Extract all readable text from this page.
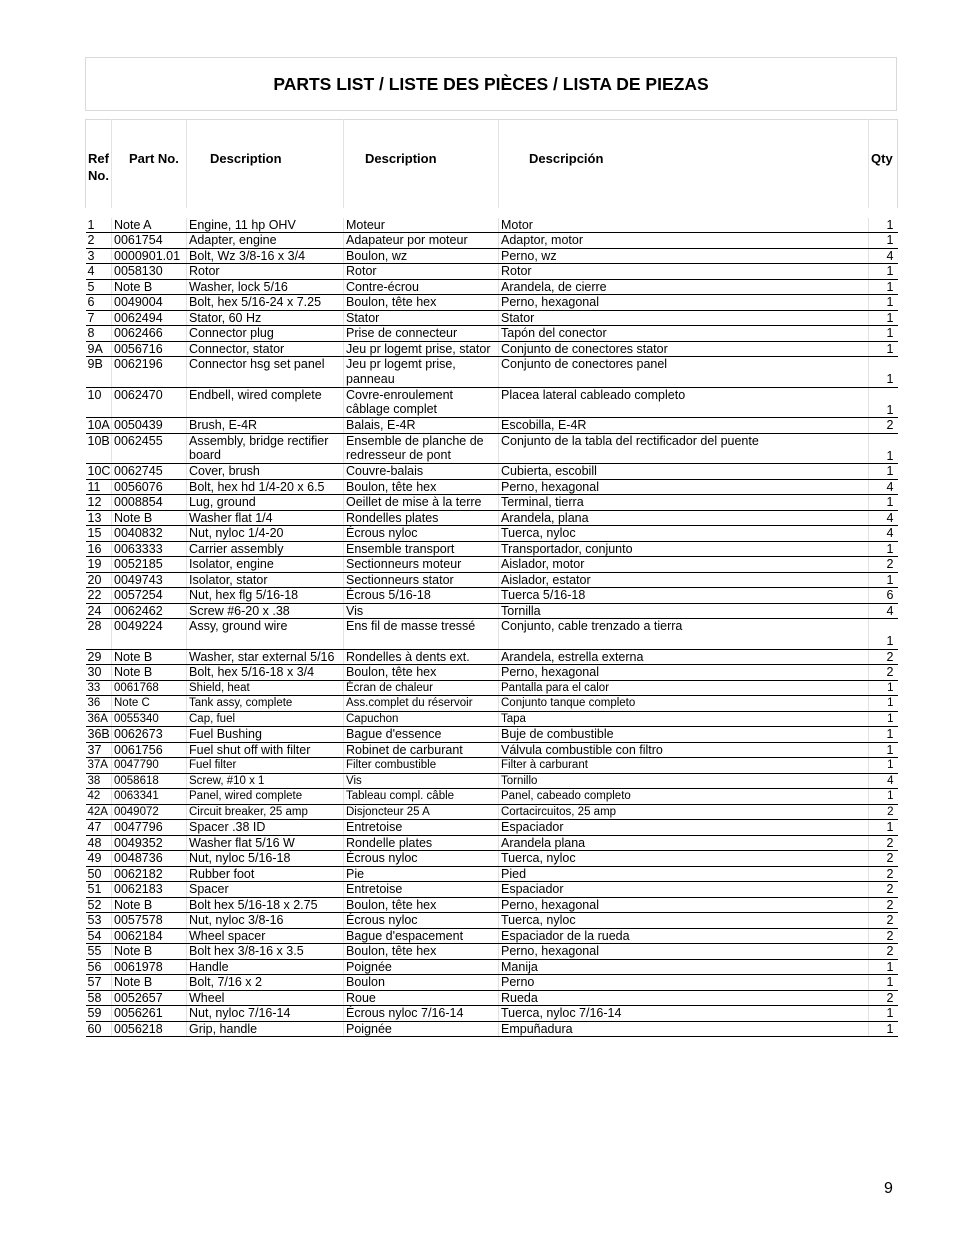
PARTS LIST / LISTE DES PIÈCES / LISTA DE PIEZAS
Ref No.	Part No.	Description	Description	Descripción	Qty

1	Note A	Engine, 11 hp OHV	Moteur	Motor	1
2	0061754	Adapter, engine	Adapateur por moteur	Adaptor, motor	1
3	0000901.01	Bolt, Wz 3/8-16 x 3/4	Boulon, wz	Perno, wz	4
4	0058130	Rotor	Rotor	Rotor	1
5	Note B	Washer, lock 5/16	Contre-écrou	Arandela, de cierre	1
6	0049004	Bolt, hex 5/16-24 x 7.25	Boulon, tête hex	Perno, hexagonal	1
7	0062494	Stator, 60 Hz	Stator	Stator	1
8	0062466	Connector plug	Prise de connecteur	Tapón del conector	1
9A	0056716	Connector, stator	Jeu pr logemt prise, stator	Conjunto de conectores stator	1
9B	0062196	Connector hsg set panel	Jeu pr logemt prise, panneau	Conjunto de conectores panel	1
10	0062470	Endbell, wired complete	Covre-enroulement câblage complet	Placea lateral cableado completo	1
10A	0050439	Brush, E-4R	Balais, E-4R	Escobilla, E-4R	2
10B	0062455	Assembly, bridge rectifier board	Ensemble de planche de redresseur de pont	Conjunto de la tabla del rectificador del puente	1
10C	0062745	Cover, brush	Couvre-balais	Cubierta, escobill	1
11	0056076	Bolt, hex hd 1/4-20 x 6.5	Boulon, tête hex	Perno, hexagonal	4
12	0008854	Lug, ground	Oeillet de mise à la terre	Terminal, tierra	1
13	Note B	Washer flat 1/4	Rondelles plates	Arandela, plana	4
15	0040832	Nut, nyloc 1/4-20	Écrous nyloc	Tuerca, nyloc	4
16	0063333	Carrier assembly	Ensemble transport	Transportador, conjunto	1
19	0052185	Isolator, engine	Sectionneurs moteur	Aislador, motor	2
20	0049743	Isolator, stator	Sectionneurs stator	Aislador, estator	1
22	0057254	Nut, hex flg 5/16-18	Écrous 5/16-18	Tuerca 5/16-18	6
24	0062462	Screw #6-20 x .38	Vis	Tornilla	4
28	0049224	Assy, ground wire	Ens fil de masse tressé	Conjunto, cable trenzado a tierra	1
29	Note B	Washer, star external 5/16	Rondelles à dents ext.	Arandela, estrella externa	2
30	Note B	Bolt, hex 5/16-18 x 3/4	Boulon, tête hex	Perno, hexagonal	2
33	0061768	Shield, heat	Écran de chaleur	Pantalla para el calor	1
36	Note C	Tank assy, complete	Ass.complet du réservoir	Conjunto tanque completo	1
36A	0055340	Cap, fuel	Capuchon	Tapa	1
36B	0062673	Fuel Bushing	Bague d'essence	Buje de combustible	1
37	0061756	Fuel shut off with filter	Robinet de carburant	Válvula combustible con filtro	1
37A	0047790	Fuel filter	Filter combustible	Filter à carburant	1
38	0058618	Screw, #10 x 1	Vis	Tornillo	4
42	0063341	Panel, wired complete	Tableau compl. câble	Panel, cabeado completo	1
42A	0049072	Circuit breaker, 25 amp	Disjoncteur 25 A	Cortacircuitos, 25 amp	2
47	0047796	Spacer .38 ID	Entretoise	Espaciador	1
48	0049352	Washer flat 5/16 W	Rondelle plates	Arandela plana	2
49	0048736	Nut, nyloc 5/16-18	Écrous nyloc	Tuerca, nyloc	2
50	0062182	Rubber foot	Pie	Pied	2
51	0062183	Spacer	Entretoise	Espaciador	2
52	Note B	Bolt hex 5/16-18 x 2.75	Boulon, tête hex	Perno, hexagonal	2
53	0057578	Nut, nyloc 3/8-16	Écrous nyloc	Tuerca, nyloc	2
54	0062184	Wheel spacer	Bague d'espacement	Espaciador de la rueda	2
55	Note B	Bolt hex 3/8-16 x 3.5	Boulon, tête hex	Perno, hexagonal	2
56	0061978	Handle	Poignée	Manija	1
57	Note B	Bolt, 7/16 x 2	Boulon	Perno	1
58	0052657	Wheel	Roue	Rueda	2
59	0056261	Nut, nyloc 7/16-14	Écrous nyloc 7/16-14	Tuerca, nyloc 7/16-14	1
60	0056218	Grip, handle	Poignée	Empuñadura	1
9
